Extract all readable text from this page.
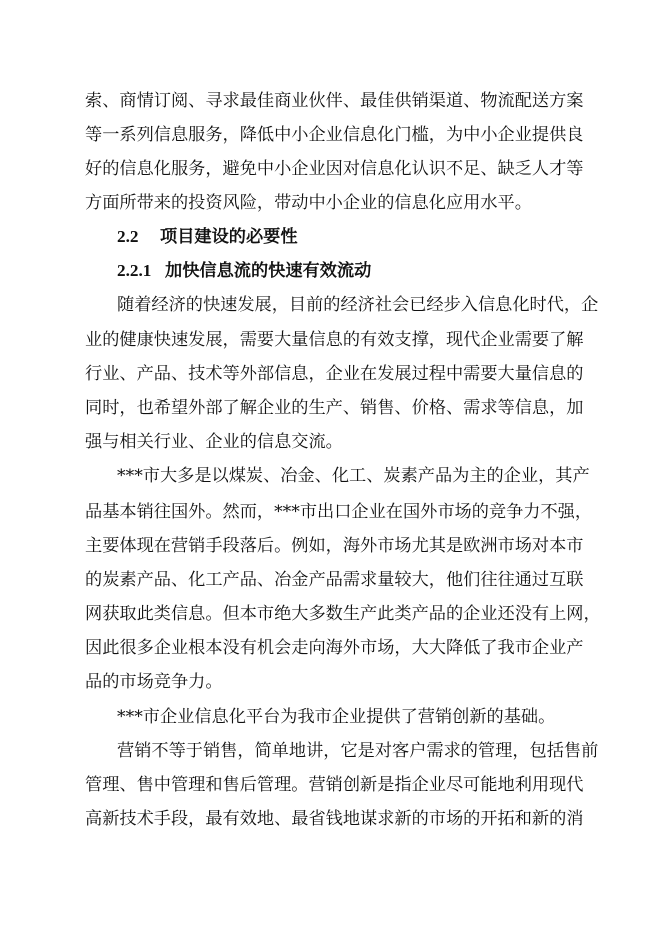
索、商情订阅、寻求最佳商业伙伴、最佳供销渠道、物流配送方案
等一系列信息服务，降低中小企业信息化门槛，为中小企业提供良
好的信息化服务，避免中小企业因对信息化认识不足、缺乏人才等
方面所带来的投资风险，带动中小企业的信息化应用水平。
2.2 项目建设的必要性
2.2.1 加快信息流的快速有效流动
随着经济的快速发展，目前的经济社会已经步入信息化时代，企
业的健康快速发展，需要大量信息的有效支撑，现代企业需要了解
行业、产品、技术等外部信息，企业在发展过程中需要大量信息的
同时，也希望外部了解企业的生产、销售、价格、需求等信息，加
强与相关行业、企业的信息交流。
***市大多是以煤炭、冶金、化工、炭素产品为主的企业，其产
品基本销往国外。然而，***市出口企业在国外市场的竞争力不强，
主要体现在营销手段落后。例如，海外市场尤其是欧洲市场对本市
的炭素产品、化工产品、冶金产品需求量较大，他们往往通过互联
网获取此类信息。但本市绝大多数生产此类产品的企业还没有上网，
因此很多企业根本没有机会走向海外市场，大大降低了我市企业产
品的市场竞争力。
***市企业信息化平台为我市企业提供了营销创新的基础。
营销不等于销售，简单地讲，它是对客户需求的管理，包括售前
管理、售中管理和售后管理。营销创新是指企业尽可能地利用现代
高新技术手段，最有效地、最省钱地谋求新的市场的开拓和新的消
